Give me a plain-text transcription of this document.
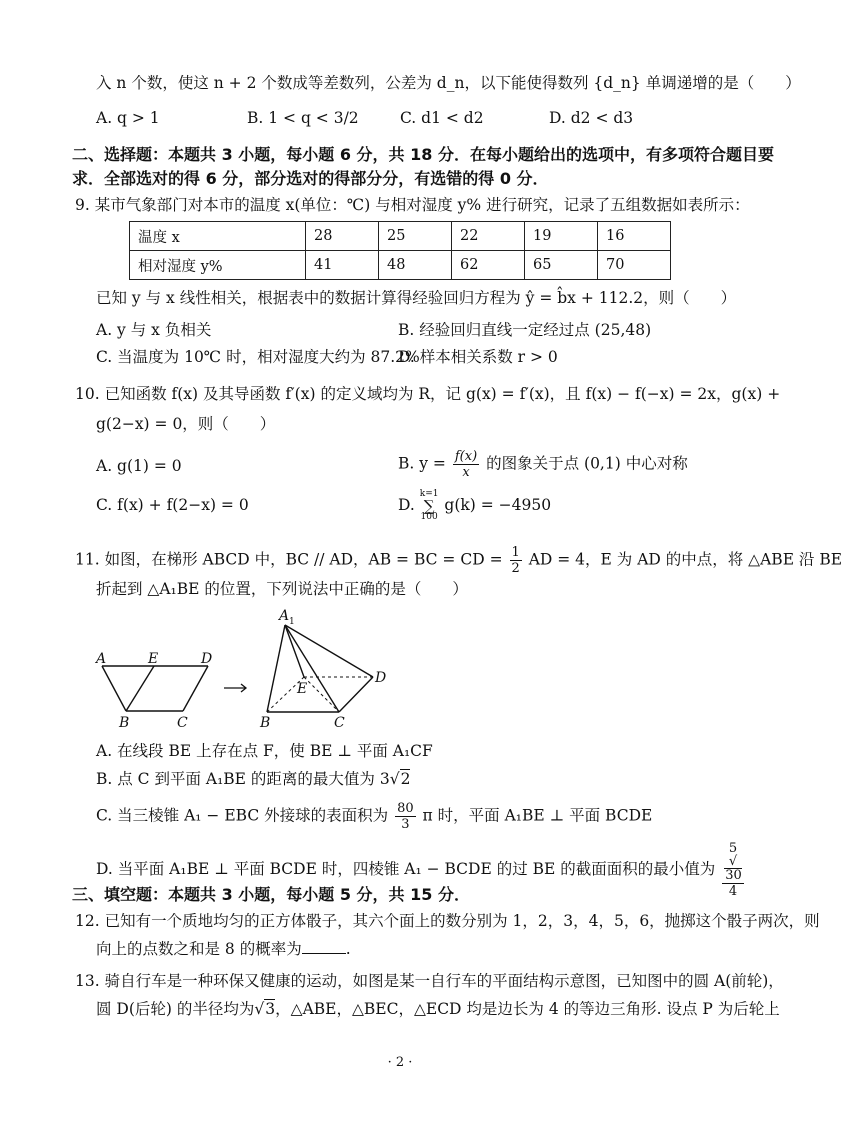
入 n 个数，使这 n + 2 个数成等差数列，公差为 d_n，以下能使得数列 {d_n} 单调递增的是（　　）
A. q > 1	B. 1 < q < 3/2	C. d1 < d2	D. d2 < d3
二、选择题：本题共 3 小题，每小题 6 分，共 18 分．在每小题给出的选项中，有多项符合题目要
求．全部选对的得 6 分，部分选对的得部分分，有选错的得 0 分．
9. 某市气象部门对本市的温度 x(单位：℃) 与相对湿度 y% 进行研究，记录了五组数据如表所示：
温度 x	28	25	22	19	16
相对湿度 y%	41	48	62	65	70
已知 y 与 x 线性相关，根据表中的数据计算得经验回归方程为 ŷ = b̂x + 112.2，则（　　）
A. y 与 x 负相关	B. 经验回归直线一定经过点 (25,48)
C. 当温度为 10℃ 时，相对湿度大约为 87.2%
D. 样本相关系数 r > 0
10. 已知函数 f(x) 及其导函数 f′(x) 的定义域均为 R，记 g(x) = f′(x)，且 f(x) − f(−x) = 2x，g(x) +
g(2−x) = 0，则（　　）
A. g(1) = 0	B. $y = \frac{f(x)}{x}$ 的图象关于点 (0,1) 中心对称
C. f(x) + f(2−x) = 0	D. k=1
∑
100 g(k) = −4950
11. 如图，在梯形 ABCD 中，BC // AD，AB = BC = CD = $\frac{1}{2}$ AD = 4，E 为 AD 的中点，将 △ABE 沿 BE
折起到 △A₁BE 的位置，下列说法中正确的是（　　）
A	E	D
B	C
A 1
E
D
B	C
A. 在线段 BE 上存在点 F，使 BE ⊥ 平面 A₁CF
B. 点 C 到平面 A₁BE 的距离的最大值为 3√2
C. 当三棱锥 A₁ − EBC 外接球的表面积为 $\frac{80}{3}$ π 时，平面 A₁BE ⊥ 平面 BCDE
D. 当平面 A₁BE ⊥ 平面 BCDE 时，四棱锥 A₁ − BCDE 的过 BE 的截面面积的最小值为 5
√
30
4
三、填空题：本题共 3 小题，每小题 5 分，共 15 分．
12. 已知有一个质地均匀的正方体骰子，其六个面上的数分别为 1，2，3，4，5，6，抛掷这个骰子两次，则
向上的点数之和是 8 的概率为	.
13. 骑自行车是一种环保又健康的运动，如图是某一自行车的平面结构示意图，已知图中的圆 A(前轮)，
圆 D(后轮) 的半径均为√3，△ABE，△BEC，△ECD 均是边长为 4 的等边三角形. 设点 P 为后轮上
· 2 ·
